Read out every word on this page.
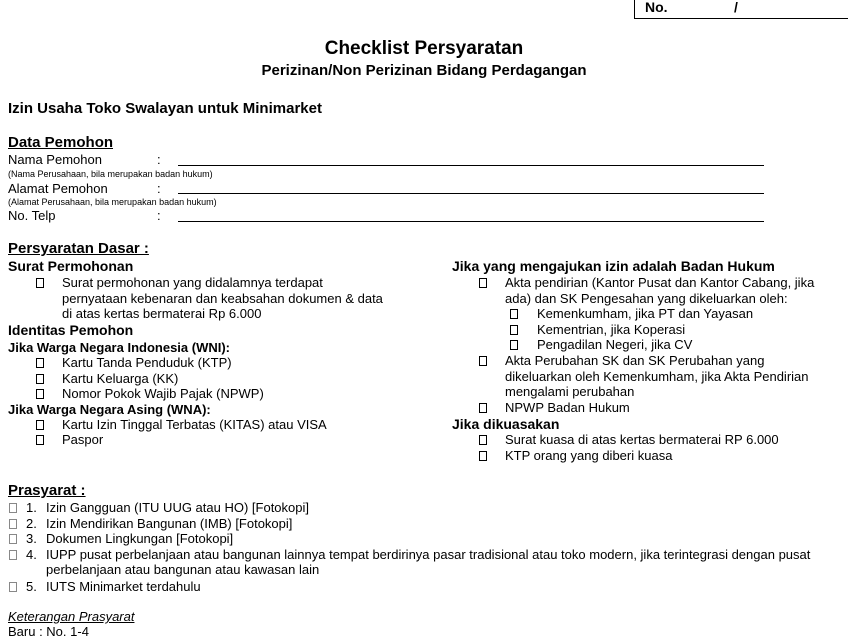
No.	/
Checklist Persyaratan
Perizinan/Non Perizinan Bidang Perdagangan
Izin Usaha Toko Swalayan untuk Minimarket
Data Pemohon
Nama Pemohon	:
(Nama Perusahaan, bila merupakan badan hukum)
Alamat Pemohon	:
(Alamat Perusahaan, bila merupakan badan hukum)
No. Telp	:
Persyaratan Dasar :
Surat Permohonan
Surat permohonan yang didalamnya terdapat
pernyataan kebenaran dan keabsahan dokumen & data
di atas kertas bermaterai Rp 6.000
Identitas Pemohon
Jika Warga Negara Indonesia (WNI):
Kartu Tanda Penduduk (KTP)
Kartu Keluarga (KK)
Nomor Pokok Wajib Pajak (NPWP)
Jika Warga Negara Asing (WNA):
Kartu Izin Tinggal Terbatas (KITAS) atau VISA
Paspor
Jika yang mengajukan izin adalah Badan Hukum
Akta pendirian (Kantor Pusat dan Kantor Cabang, jika
ada) dan SK Pengesahan yang dikeluarkan oleh:
Kemenkumham, jika PT dan Yayasan
Kementrian, jika Koperasi
Pengadilan Negeri, jika CV
Akta Perubahan SK dan SK Perubahan yang
dikeluarkan oleh Kemenkumham, jika Akta Pendirian
mengalami perubahan
NPWP Badan Hukum
Jika dikuasakan
Surat kuasa di atas kertas bermaterai RP 6.000
KTP orang yang diberi kuasa
Prasyarat :
1. Izin Gangguan (ITU UUG atau HO) [Fotokopi]
2. Izin Mendirikan Bangunan (IMB) [Fotokopi]
3. Dokumen Lingkungan [Fotokopi]
4. IUPP pusat perbelanjaan atau bangunan lainnya tempat berdirinya pasar tradisional atau toko modern, jika terintegrasi dengan pusat
perbelanjaan atau bangunan atau kawasan lain
5. IUTS Minimarket terdahulu
Keterangan Prasyarat
Baru : No. 1-4
